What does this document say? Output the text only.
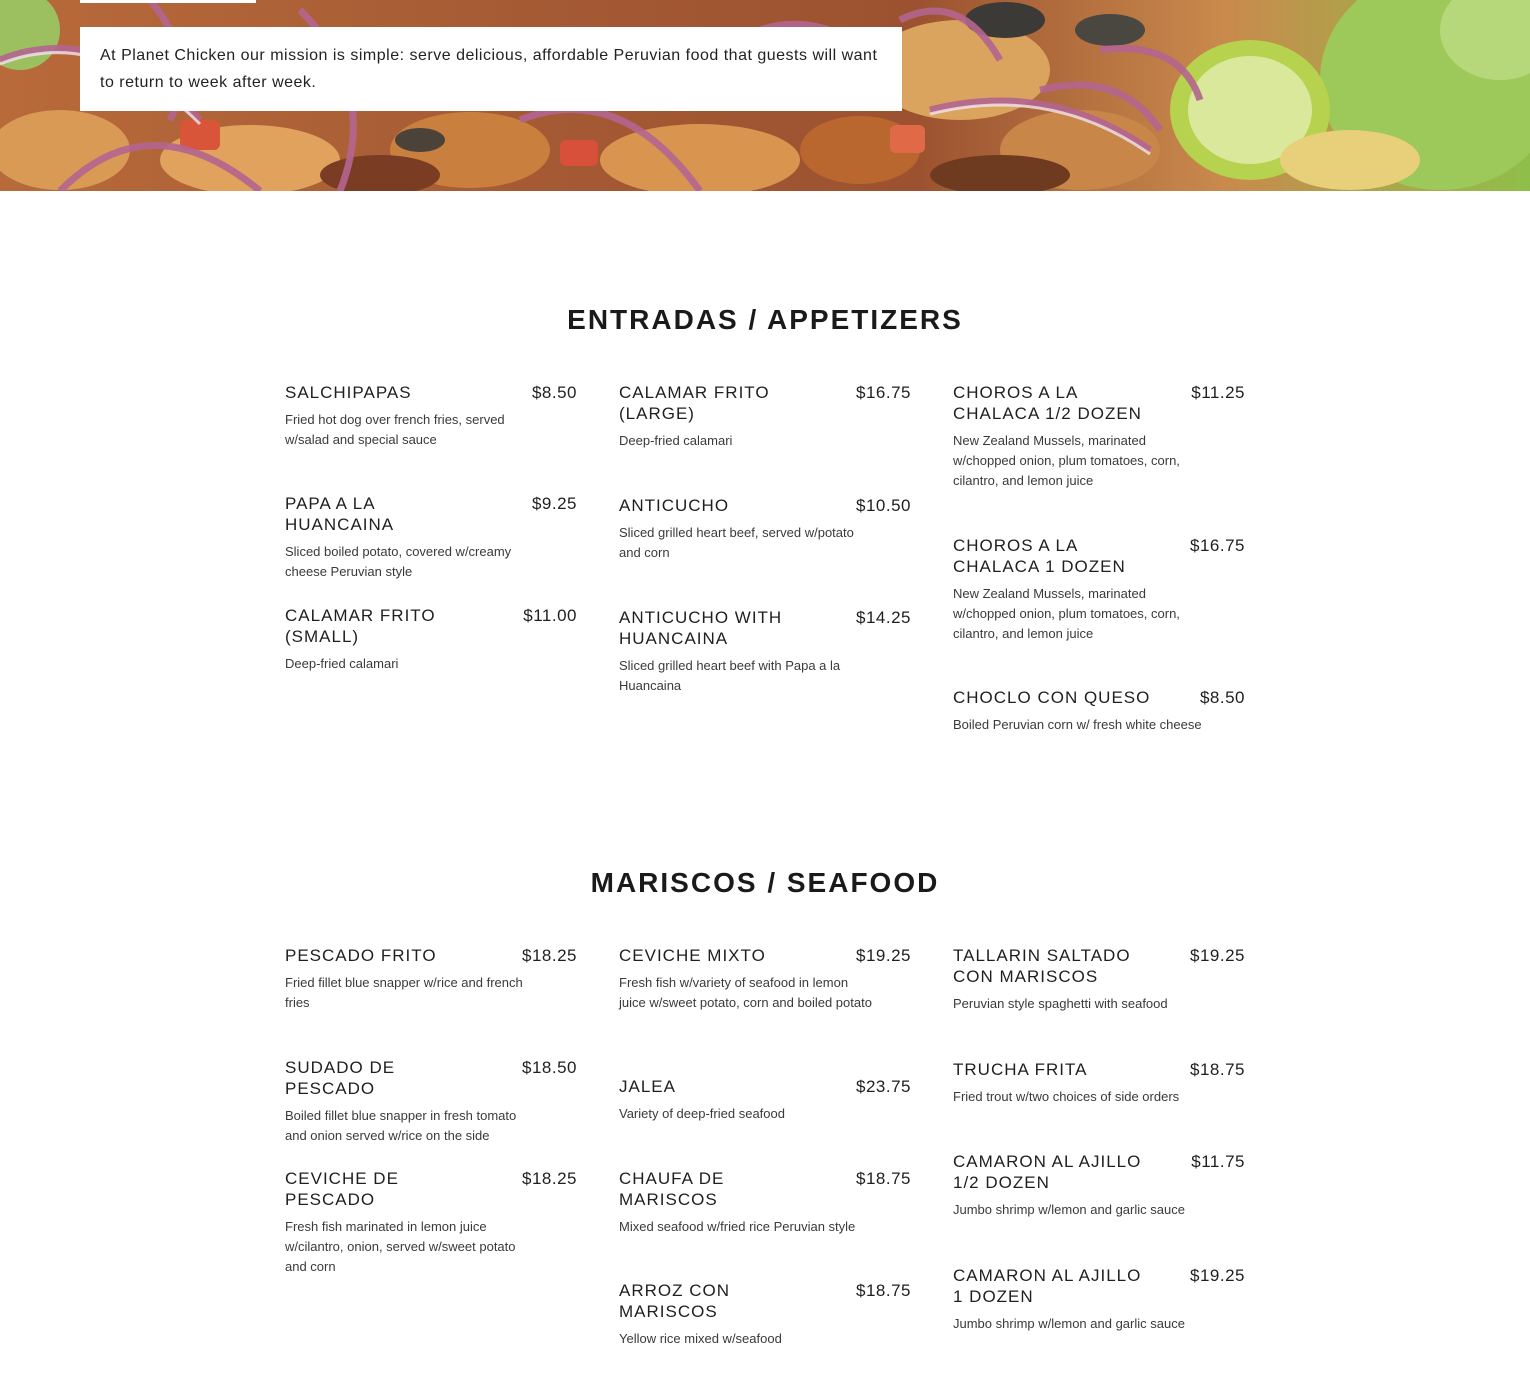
At Planet Chicken our mission is simple: serve delicious, affordable Peruvian food that guests will want to return to week after week.

ENTRADAS / APPETIZERS
SALCHIPAPAS	$8.50

Fried hot dog over french fries, served w/salad and special sauce

PAPA A LA HUANCAINA
$9.25

Sliced boiled potato, covered w/creamy cheese Peruvian style

CALAMAR FRITO (SMALL)
$11.00

Deep-fried calamari

CALAMAR FRITO (LARGE)
$16.75

Deep-fried calamari

ANTICUCHO	$10.50

Sliced grilled heart beef, served w/potato and corn

ANTICUCHO WITH HUANCAINA
$14.25

Sliced grilled heart beef with Papa a la Huancaina

CHOROS A LA CHALACA 1/2 DOZEN
$11.25

New Zealand Mussels, marinated w/chopped onion, plum tomatoes, corn, cilantro, and lemon juice

CHOROS A LA CHALACA 1 DOZEN
$16.75

New Zealand Mussels, marinated w/chopped onion, plum tomatoes, corn, cilantro, and lemon juice

CHOCLO CON QUESO	$8.50

Boiled Peruvian corn w/ fresh white cheese

MARISCOS / SEAFOOD
PESCADO FRITO	$18.25

Fried fillet blue snapper w/rice and french fries

SUDADO DE PESCADO
$18.50

Boiled fillet blue snapper in fresh tomato and onion served w/rice on the side

CEVICHE DE PESCADO
$18.25

Fresh fish marinated in lemon juice w/cilantro, onion, served w/sweet potato and corn

CEVICHE MIXTO	$19.25

Fresh fish w/variety of seafood in lemon juice w/sweet potato, corn and boiled potato

JALEA	$23.75

Variety of deep-fried seafood

CHAUFA DE MARISCOS
$18.75

Mixed seafood w/fried rice Peruvian style

ARROZ CON MARISCOS
$18.75

Yellow rice mixed w/seafood

TALLARIN SALTADO CON MARISCOS
$19.25

Peruvian style spaghetti with seafood

TRUCHA FRITA	$18.75

Fried trout w/two choices of side orders

CAMARON AL AJILLO 1/2 DOZEN
$11.75

Jumbo shrimp w/lemon and garlic sauce

CAMARON AL AJILLO 1 DOZEN
$19.25

Jumbo shrimp w/lemon and garlic sauce
